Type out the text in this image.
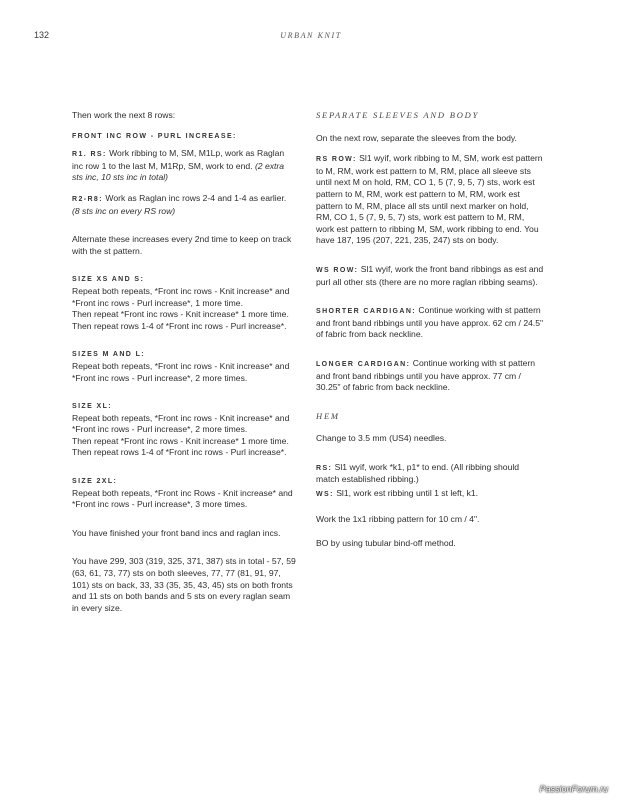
132	URBAN KNIT

Then work the next 8 rows:

FRONT INC ROW - PURL INCREASE:

R1. RS: Work ribbing to M, SM, M1Lp, work as Raglan inc row 1 to the last M, M1Rp, SM, work to end. (2 extra sts inc, 10 sts inc in total)

R2-R8: Work as Raglan inc rows 2-4 and 1-4 as earlier. (8 sts inc on every RS row)

Alternate these increases every 2nd time to keep on track with the st pattern.

SIZE XS AND S:
Repeat both repeats, *Front inc rows - Knit increase* and *Front inc rows - Purl increase*, 1 more time.
Then repeat *Front inc rows - Knit increase* 1 more time.

Then repeat rows 1-4 of *Front inc rows - Purl increase*.

SIZES M AND L:

Repeat both repeats, *Front inc rows - Knit increase* and *Front inc rows - Purl increase*, 2 more times.

SIZE XL:
Repeat both repeats, *Front inc rows - Knit increase* and *Front inc rows - Purl increase*, 2 more times.
Then repeat *Front inc rows - Knit increase* 1 more time.

Then repeat rows 1-4 of *Front inc rows - Purl increase*.

SIZE 2XL:

Repeat both repeats, *Front inc Rows - Knit increase* and *Front inc rows - Purl increase*, 3 more times.

You have finished your front band incs and raglan incs.

You have 299, 303 (319, 325, 371, 387) sts in total - 57, 59 (63, 61, 73, 77) sts on both sleeves, 77, 77 (81, 91, 97, 101) sts on back, 33, 33 (35, 35, 43, 45) sts on both fronts and 11 sts on both bands and 5 sts on every raglan seam in every size.

SEPARATE SLEEVES AND BODY

On the next row, separate the sleeves from the body.

RS ROW: Sl1 wyif, work ribbing to M, SM, work est pattern to M, RM, work est pattern to M, RM, place all sleeve sts until next M on hold, RM, CO 1, 5 (7, 9, 5, 7) sts, work est pattern to M, RM, work est pattern to M, RM, work est pattern to M, RM, place all sts until next marker on hold, RM, CO 1, 5 (7, 9, 5, 7) sts, work est pattern to M, RM, work est pattern to ribbing M, SM, work ribbing to end. You have 187, 195 (207, 221, 235, 247) sts on body.

WS ROW: Sl1 wyif, work the front band ribbings as est and purl all other sts (there are no more raglan ribbing seams).

SHORTER CARDIGAN: Continue working with st pattern and front band ribbings until you have approx. 62 cm / 24.5" of fabric from back neckline.

LONGER CARDIGAN: Continue working with st pattern and front band ribbings until you have approx. 77 cm / 30.25" of fabric from back neckline.

HEM

Change to 3.5 mm (US4) needles.

RS: Sl1 wyif, work *k1, p1* to end. (All ribbing should match established ribbing.)

WS: Sl1, work est ribbing until 1 st left, k1.

Work the 1x1 ribbing pattern for 10 cm / 4".

BO by using tubular bind-off method.

PassionForum.ru
